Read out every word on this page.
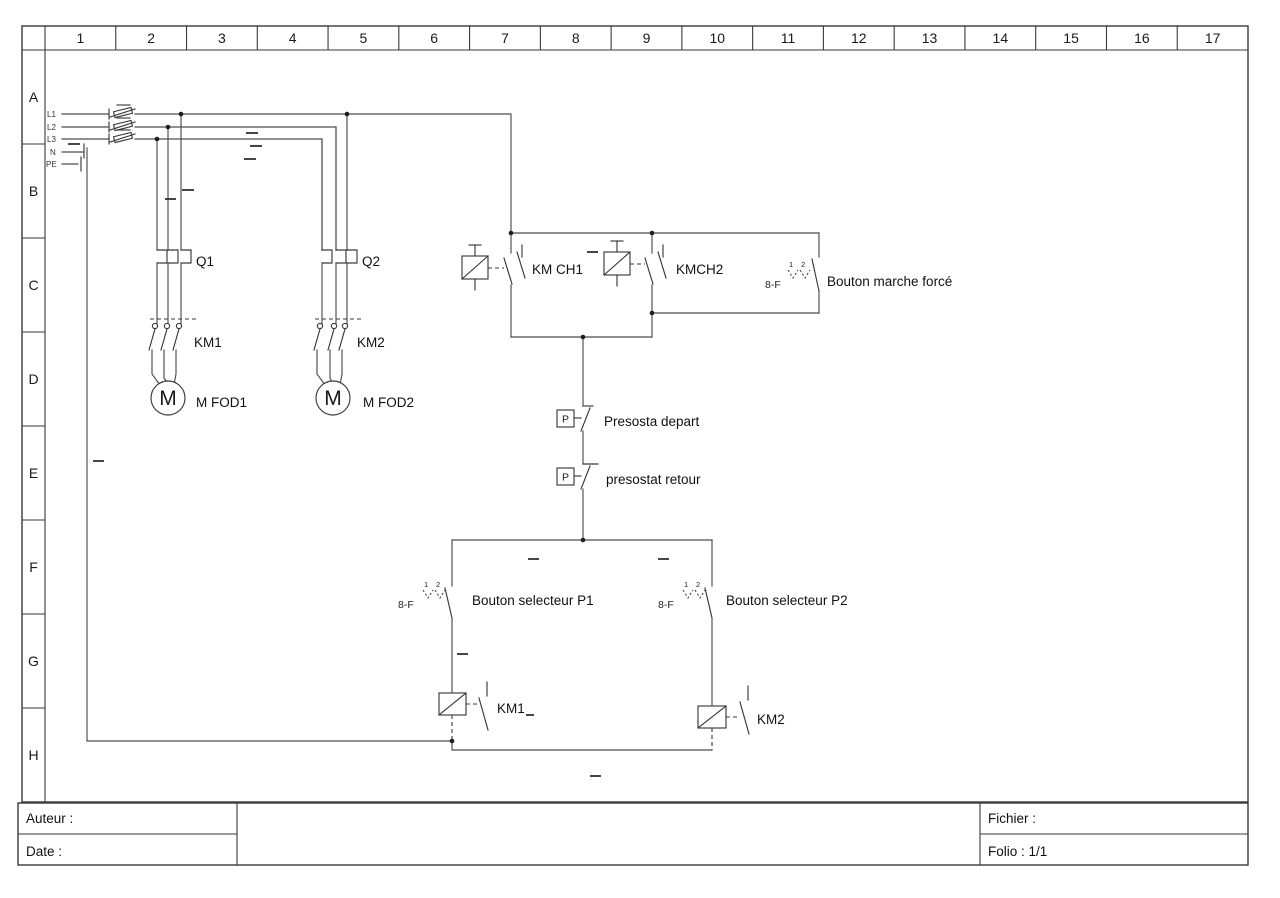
1	2	3	4	5	6	7	8	9	10	11	12	13	14	15	16	17
A
B
C
D
E
F
G
H
L1
L2
L3
N
PE
Q1
KM1
M M FOD1
Q2
KM2
M M FOD2
KM CH1	KMCH2
8-F
1 2
Bouton marche forcé
P	Presosta depart
P	presostat retour
8-F
1 2
Bouton selecteur P1
KM1
8-F
1 2
Bouton selecteur P2
KM2
Auteur :
Date :
Fichier :
Folio : 1/1
